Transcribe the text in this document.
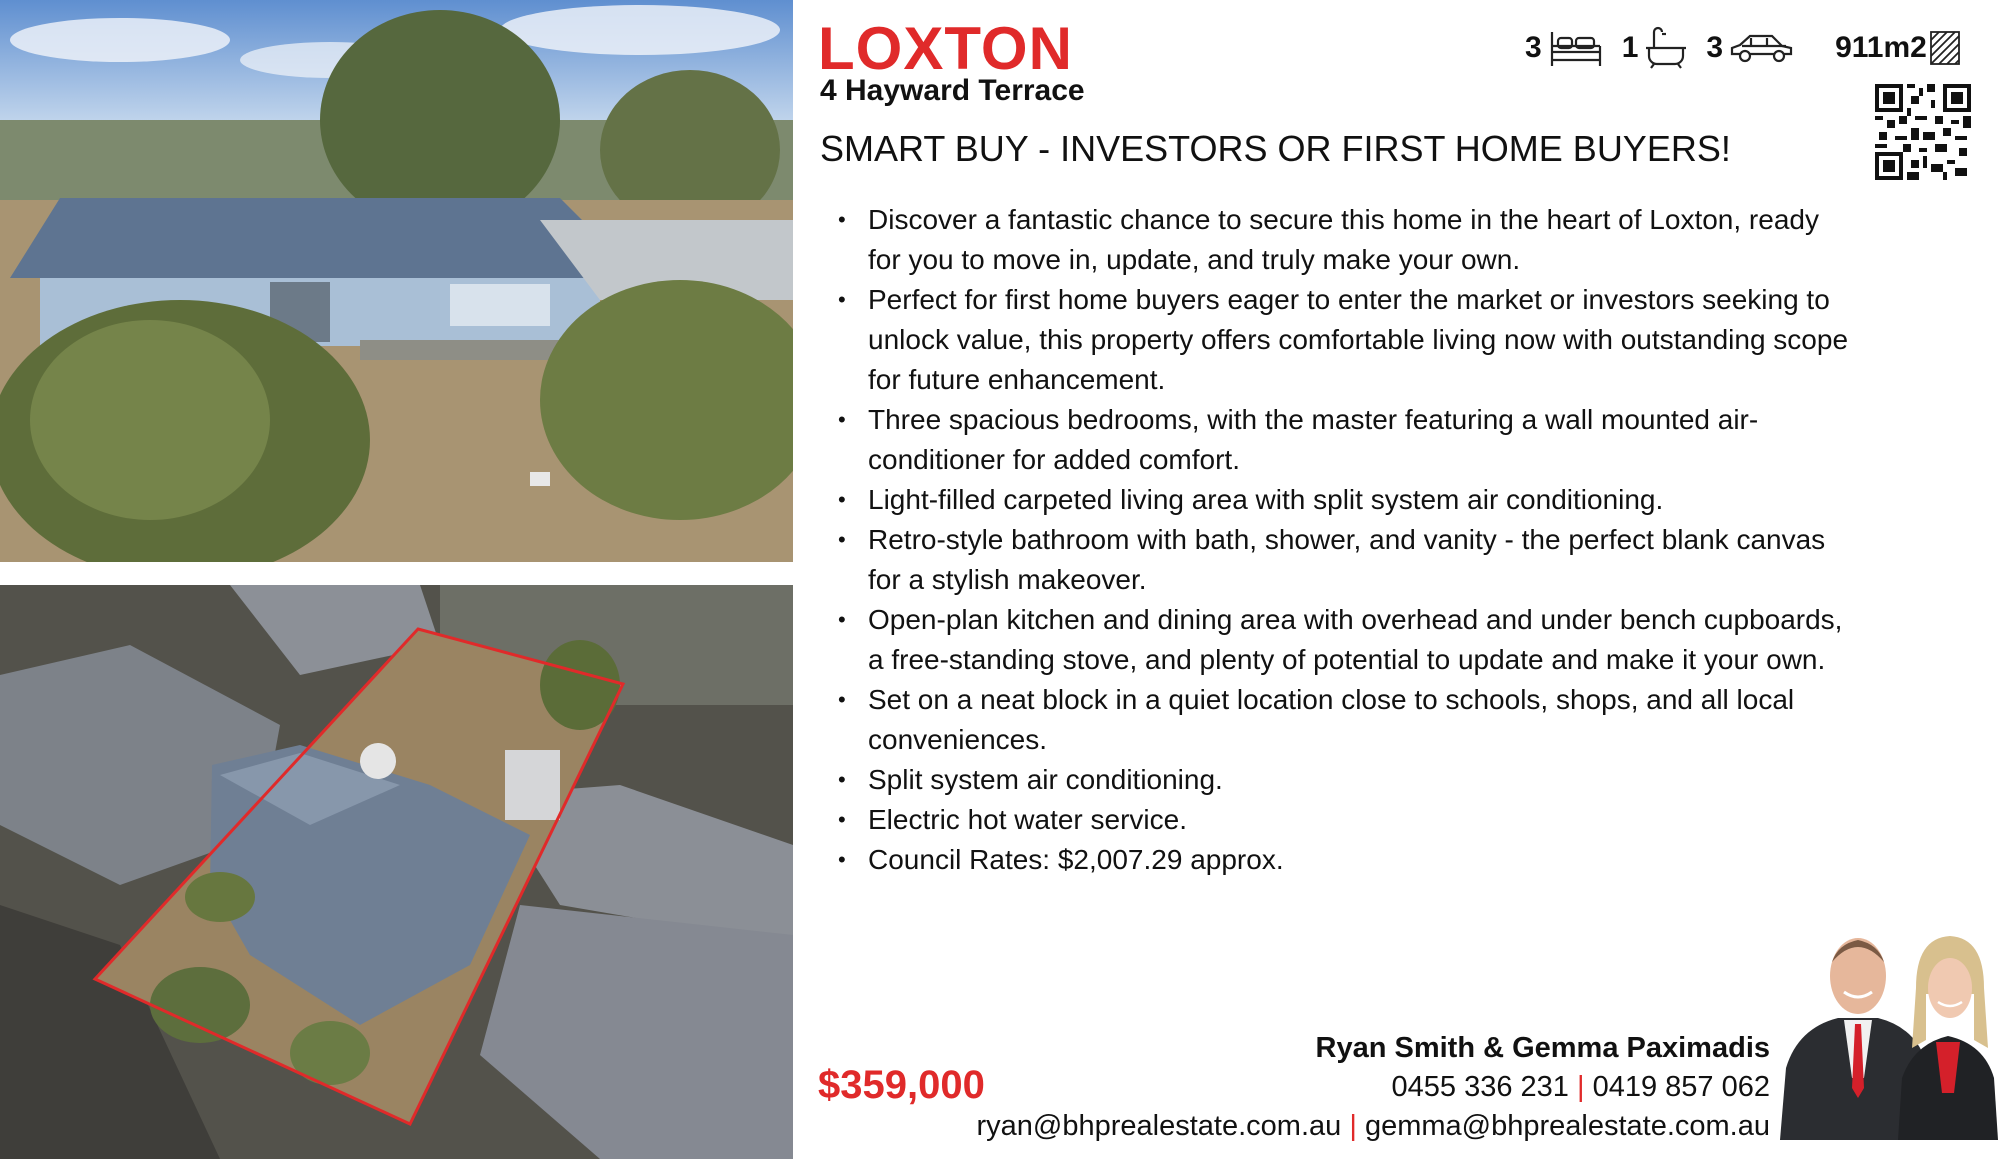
LOXTON
4 Hayward Terrace
SMART BUY - INVESTORS OR FIRST HOME BUYERS!
3	1 3	911m2
• Discover a fantastic chance to secure this home in the heart of Loxton, ready for you to move in, update, and truly make your own.
• Perfect for first home buyers eager to enter the market or investors seeking to unlock value, this property offers comfortable living now with outstanding scope for future enhancement.
• Three spacious bedrooms, with the master featuring a wall mounted air-conditioner for added comfort.
• Light-filled carpeted living area with split system air conditioning.
• Retro-style bathroom with bath, shower, and vanity - the perfect blank canvas for a stylish makeover.
• Open-plan kitchen and dining area with overhead and under bench cupboards, a free-standing stove, and plenty of potential to update and make it your own.
• Set on a neat block in a quiet location close to schools, shops, and all local conveniences.
• Split system air conditioning.
• Electric hot water service.
• Council Rates: $2,007.29 approx.
$359,000
Ryan Smith & Gemma Paximadis
0455 336 231 | 0419 857 062
ryan@bhprealestate.com.au | gemma@bhprealestate.com.au
